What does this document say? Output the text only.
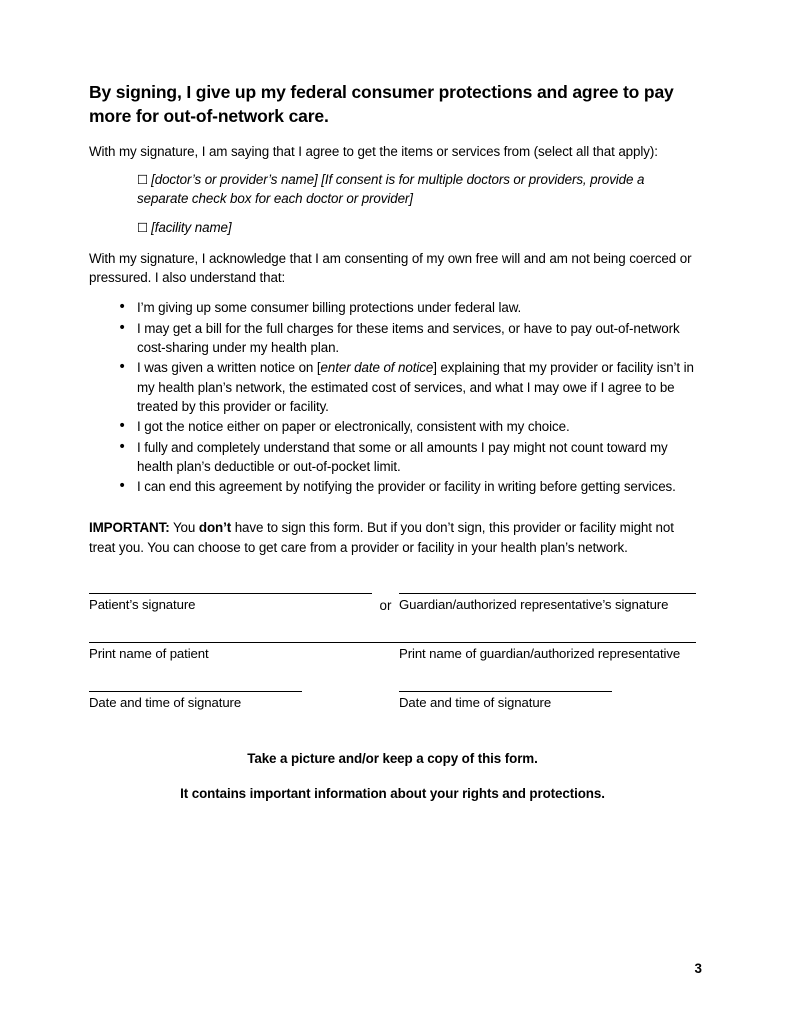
By signing, I give up my federal consumer protections and agree to pay more for out-of-network care.

With my signature, I am saying that I agree to get the items or services from (select all that apply):

☐ [doctor’s or provider’s name] [If consent is for multiple doctors or providers, provide a separate check box for each doctor or provider]
☐ [facility name]

With my signature, I acknowledge that I am consenting of my own free will and am not being coerced or pressured. I also understand that:

• I’m giving up some consumer billing protections under federal law.
• I may get a bill for the full charges for these items and services, or have to pay out-of-network cost-sharing under my health plan.
• I was given a written notice on [enter date of notice] explaining that my provider or facility isn’t in my health plan’s network, the estimated cost of services, and what I may owe if I agree to be treated by this provider or facility.
• I got the notice either on paper or electronically, consistent with my choice.
• I fully and completely understand that some or all amounts I pay might not count toward my health plan’s deductible or out-of-pocket limit.
• I can end this agreement by notifying the provider or facility in writing before getting services.

IMPORTANT: You don’t have to sign this form. But if you don’t sign, this provider or facility might not treat you. You can choose to get care from a provider or facility in your health plan’s network.

Patient’s signature	or Guardian/authorized representative’s signature
Print name of patient	Print name of guardian/authorized representative
Date and time of signature	Date and time of signature
Take a picture and/or keep a copy of this form.
It contains important information about your rights and protections.
3
